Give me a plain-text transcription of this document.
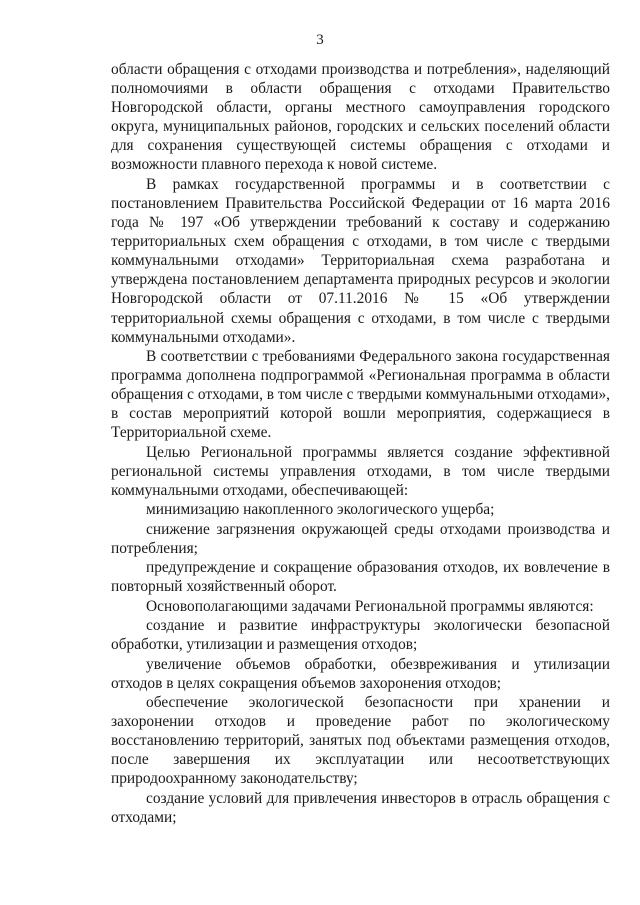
3

области обращения с отходами производства и потребления», наделяющий полномочиями в области обращения с отходами Правительство Новгородской области, органы местного самоуправления городского округа, муниципальных районов, городских и сельских поселений области для сохранения существующей системы обращения с отходами и возможности плавного перехода к новой системе.

В рамках государственной программы и в соответствии с постановлением Правительства Российской Федерации от 16 марта 2016 года № 197 «Об утверждении требований к составу и содержанию территориальных схем обращения с отходами, в том числе с твердыми коммунальными отходами» Территориальная схема разработана и утверждена постановлением департамента природных ресурсов и экологии Новгородской области от 07.11.2016 № 15 «Об утверждении территориальной схемы обращения с отходами, в том числе с твердыми коммунальными отходами».

В соответствии с требованиями Федерального закона государственная программа дополнена подпрограммой «Региональная программа в области обращения с отходами, в том числе с твердыми коммунальными отходами», в состав мероприятий которой вошли мероприятия, содержащиеся в Территориальной схеме.

Целью Региональной программы является создание эффективной региональной системы управления отходами, в том числе твердыми коммунальными отходами, обеспечивающей:

минимизацию накопленного экологического ущерба;

снижение загрязнения окружающей среды отходами производства и потребления;

предупреждение и сокращение образования отходов, их вовлечение в повторный хозяйственный оборот.

Основополагающими задачами Региональной программы являются:

создание и развитие инфраструктуры экологически безопасной обработки, утилизации и размещения отходов;

увеличение объемов обработки, обезвреживания и утилизации отходов в целях сокращения объемов захоронения отходов;

обеспечение экологической безопасности при хранении и захоронении отходов и проведение работ по экологическому восстановлению территорий, занятых под объектами размещения отходов, после завершения их эксплуатации или несоответствующих природоохранному законодательству;

создание условий для привлечения инвесторов в отрасль обращения с отходами;
